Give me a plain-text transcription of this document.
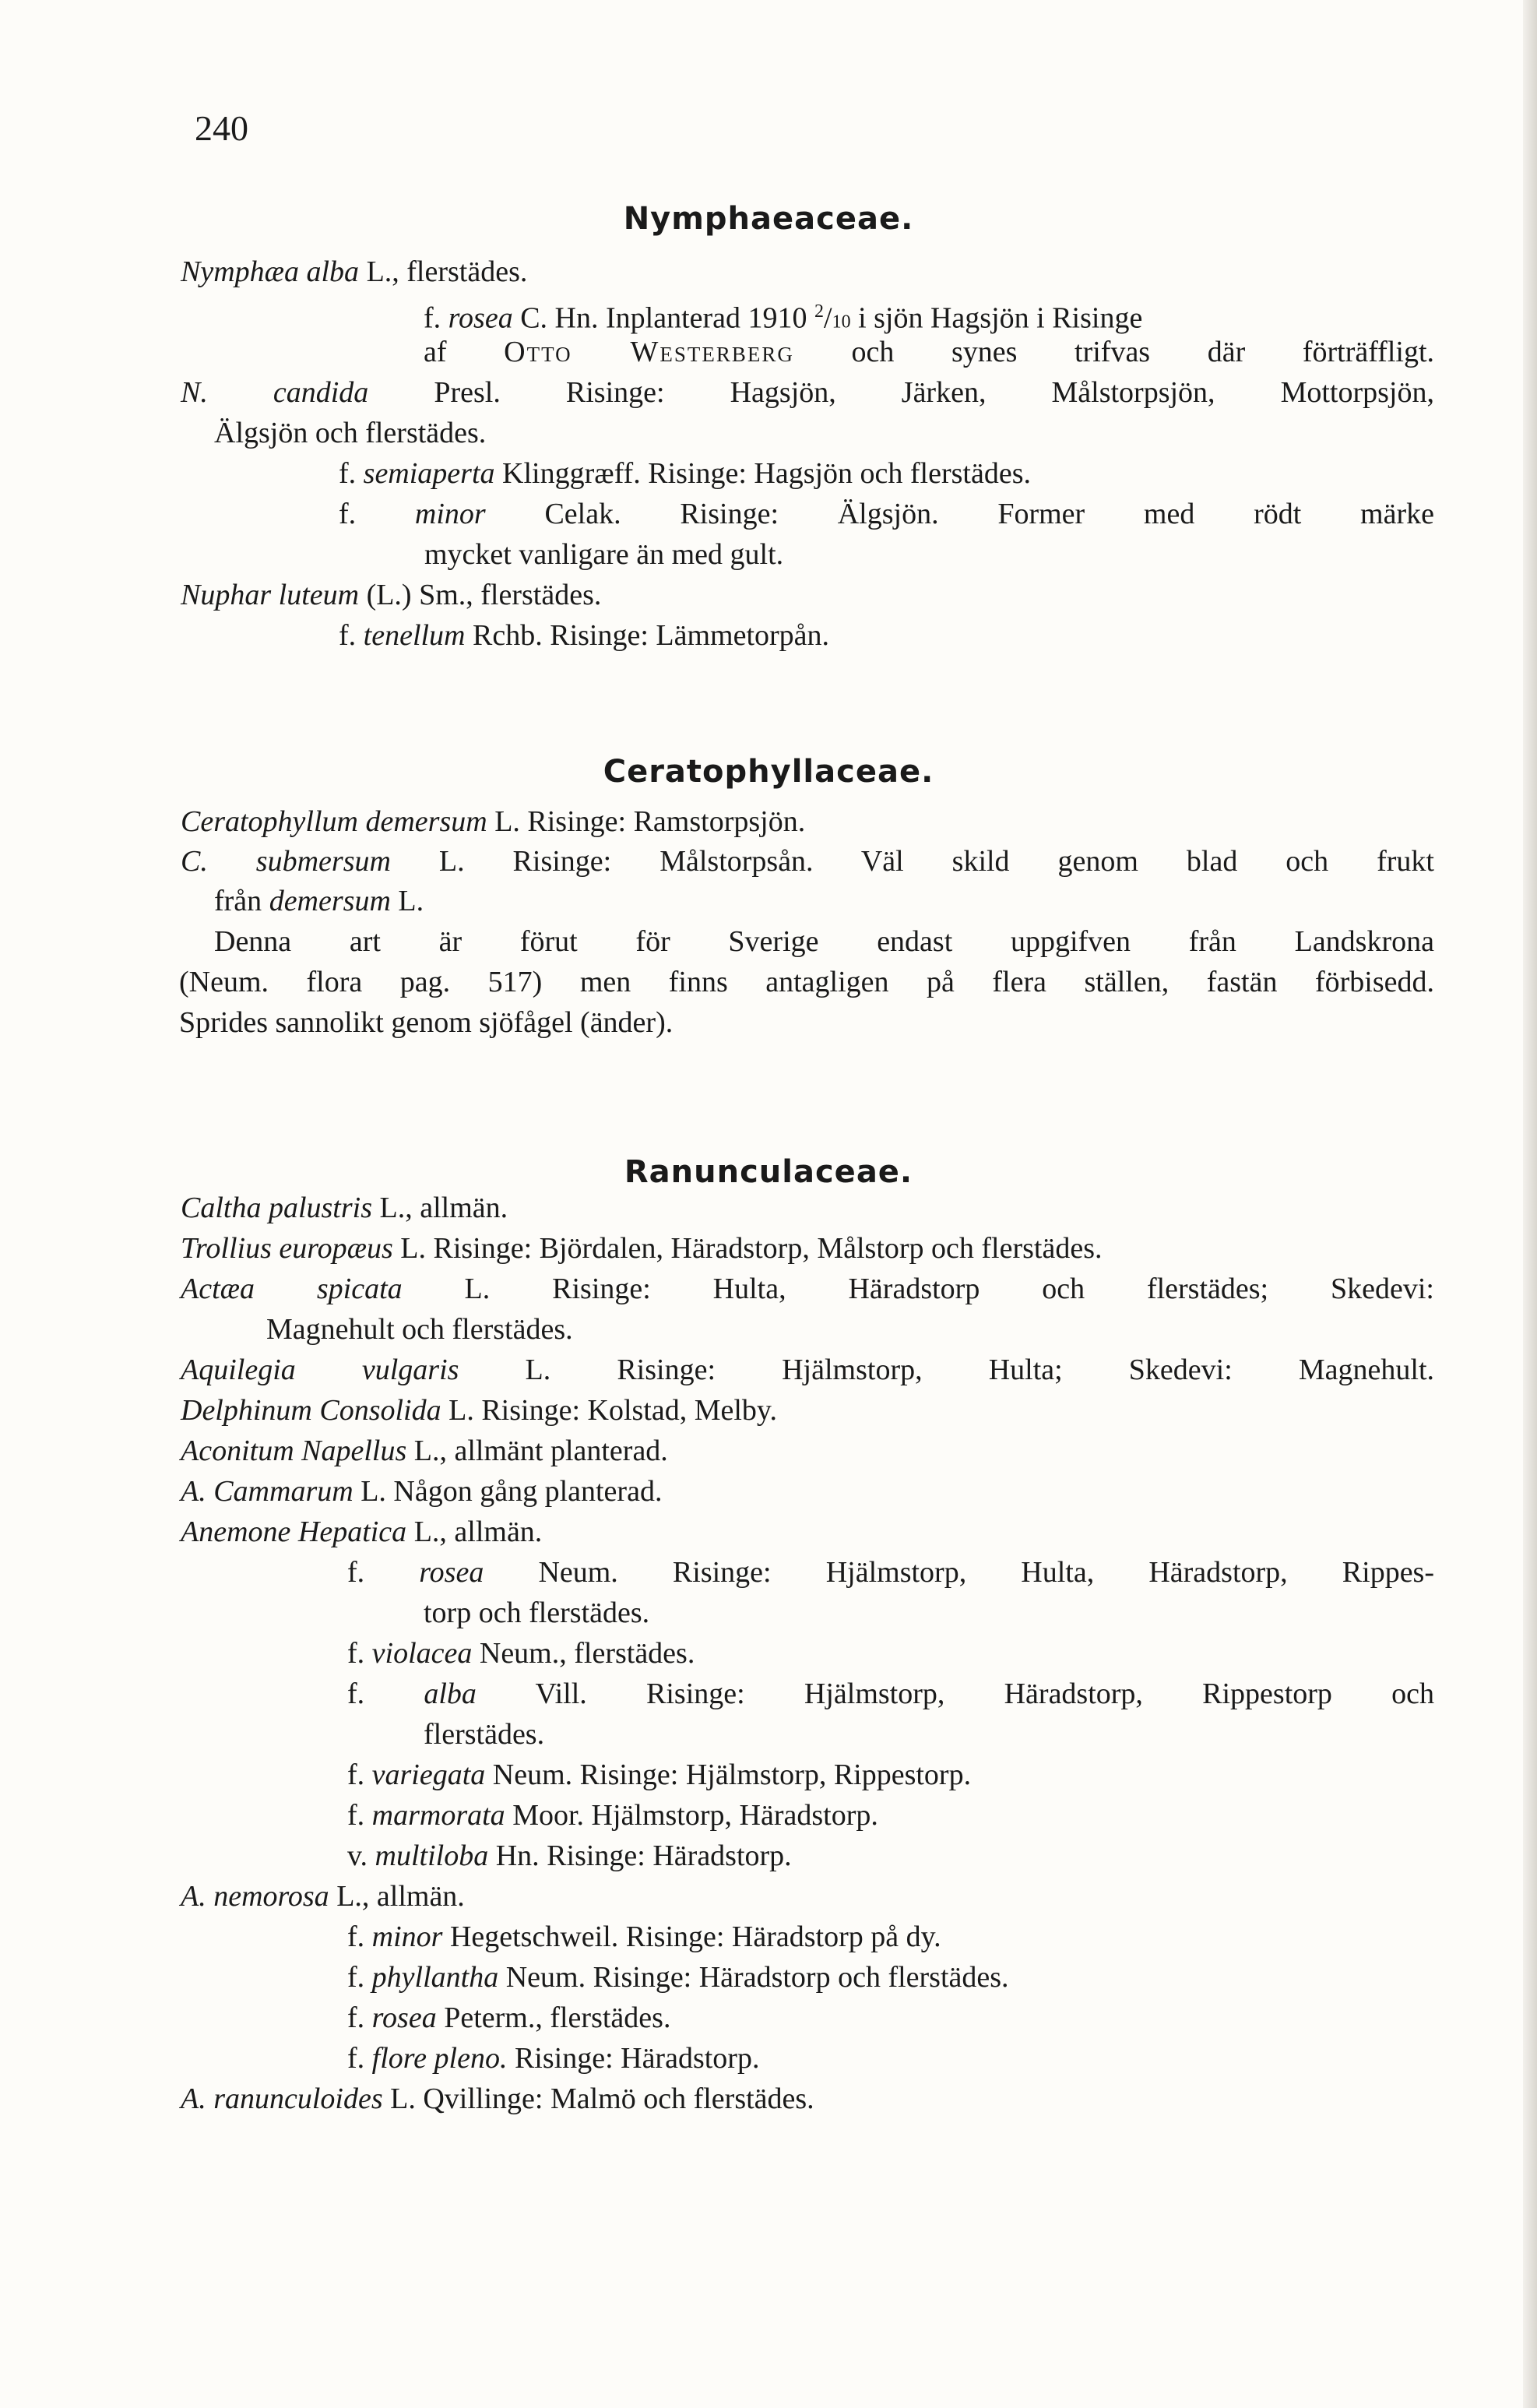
240
Nymphaeaceae.
Nymphæa alba L., flerstädes.
f. rosea C. Hn. Inplanterad 1910 $^2$/10 i sjön Hagsjön i Risinge
af Otto Westerberg och synes trifvas där förträffligt.
N. candida Presl. Risinge: Hagsjön, Järken, Målstorpsjön, Mottorpsjön,
Älgsjön och flerstädes.
f. semiaperta Klinggræff. Risinge: Hagsjön och flerstädes.
f. minor Celak. Risinge: Älgsjön. Former med rödt märke
mycket vanligare än med gult.
Nuphar luteum (L.) Sm., flerstädes.
f. tenellum Rchb. Risinge: Lämmetorpån.
Ceratophyllaceae.
Ceratophyllum demersum L. Risinge: Ramstorpsjön.
C. submersum L. Risinge: Målstorpsån. Väl skild genom blad och frukt
från demersum L.
Denna art är förut för Sverige endast uppgifven från Landskrona
(Neum. flora pag. 517) men finns antagligen på flera ställen, fastän förbisedd.
Sprides sannolikt genom sjöfågel (änder).
Ranunculaceae.
Caltha palustris L., allmän.
Trollius europæus L. Risinge: Björdalen, Häradstorp, Målstorp och flerstädes.
Actæa spicata L. Risinge: Hulta, Häradstorp och flerstädes; Skedevi:
Magnehult och flerstädes.
Aquilegia vulgaris L. Risinge: Hjälmstorp, Hulta; Skedevi: Magnehult.
Delphinum Consolida L. Risinge: Kolstad, Melby.
Aconitum Napellus L., allmänt planterad.
A. Cammarum L. Någon gång planterad.
Anemone Hepatica L., allmän.
f. rosea Neum. Risinge: Hjälmstorp, Hulta, Häradstorp, Rippes-
torp och flerstädes.
f. violacea Neum., flerstädes.
f. alba Vill. Risinge: Hjälmstorp, Häradstorp, Rippestorp och
flerstädes.
f. variegata Neum. Risinge: Hjälmstorp, Rippestorp.
f. marmorata Moor. Hjälmstorp, Häradstorp.
v. multiloba Hn. Risinge: Häradstorp.
A. nemorosa L., allmän.
f. minor Hegetschweil. Risinge: Häradstorp på dy.
f. phyllantha Neum. Risinge: Häradstorp och flerstädes.
f. rosea Peterm., flerstädes.
f. flore pleno. Risinge: Häradstorp.
A. ranunculoides L. Qvillinge: Malmö och flerstädes.
